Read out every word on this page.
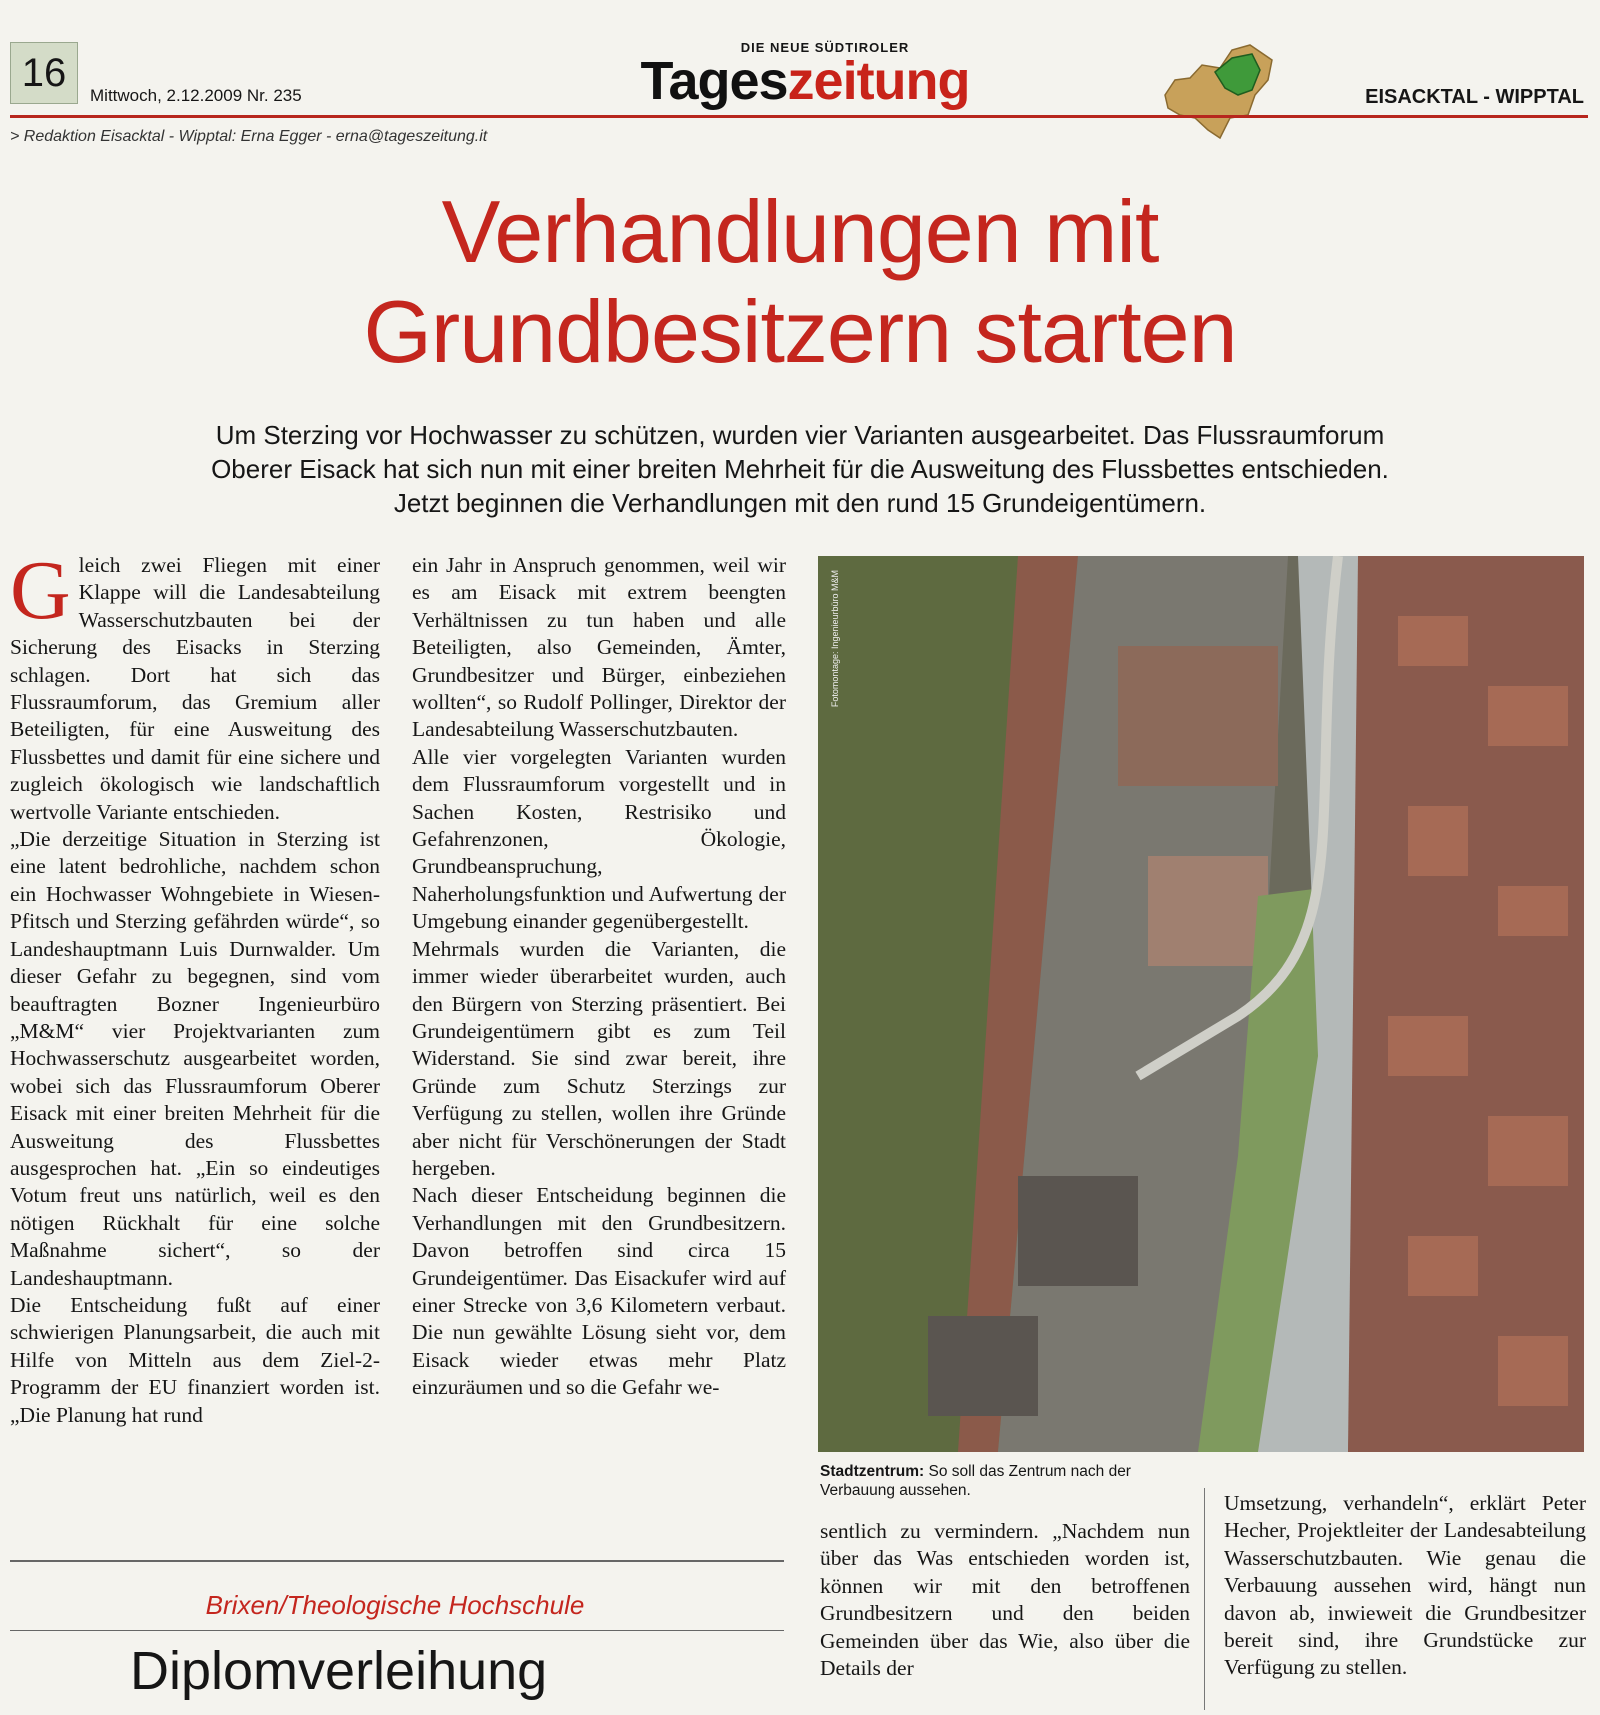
16
Mittwoch, 2.12.2009 Nr. 235
DIE NEUE SÜDTIROLER
Tageszeitung	EISACKTAL - WIPPTAL
> Redaktion Eisacktal - Wipptal: Erna Egger - erna@tageszeitung.it
Verhandlungen mit
Grundbesitzern starten
Um Sterzing vor Hochwasser zu schützen, wurden vier Varianten ausgearbeitet. Das Flussraumforum
Oberer Eisack hat sich nun mit einer breiten Mehrheit für die Ausweitung des Flussbettes entschieden.
Jetzt beginnen die Verhandlungen mit den rund 15 Grundeigentümern.
G leich zwei Fliegen mit einer Klappe will die Landesabteilung Wasserschutzbauten bei der Sicherung des Eisacks in Sterzing schlagen. Dort hat sich das Flussraumforum, das Gremium aller Beteiligten, für eine Ausweitung des Flussbettes und damit für eine sichere und zugleich ökologisch wie landschaftlich wertvolle Variante entschieden.

„Die derzeitige Situation in Sterzing ist eine latent bedrohliche, nachdem schon ein Hochwasser Wohngebiete in Wiesen-Pfitsch und Sterzing gefährden würde“, so Landeshauptmann Luis Durnwalder. Um dieser Gefahr zu begegnen, sind vom beauftragten Bozner Ingenieurbüro „M&M“ vier Projektvarianten zum Hochwasserschutz ausgearbeitet worden, wobei sich das Flussraumforum Oberer Eisack mit einer breiten Mehrheit für die Ausweitung des Flussbettes ausgesprochen hat. „Ein so eindeutiges Votum freut uns natürlich, weil es den nötigen Rückhalt für eine solche Maßnahme sichert“, so der Landeshauptmann.

Die Entscheidung fußt auf einer schwierigen Planungsarbeit, die auch mit Hilfe von Mitteln aus dem Ziel-2-Programm der EU finanziert worden ist. „Die Planung hat rund

ein Jahr in Anspruch genommen, weil wir es am Eisack mit extrem beengten Verhältnissen zu tun haben und alle Beteiligten, also Gemeinden, Ämter, Grundbesitzer und Bürger, einbeziehen wollten“, so Rudolf Pollinger, Direktor der Landesabteilung Wasserschutzbauten.

Alle vier vorgelegten Varianten wurden dem Flussraumforum vorgestellt und in Sachen Kosten, Restrisiko und Gefahrenzonen, Ökologie, Grundbeanspruchung, Naherholungsfunktion und Aufwertung der Umgebung einander gegenübergestellt.

Mehrmals wurden die Varianten, die immer wieder überarbeitet wurden, auch den Bürgern von Sterzing präsentiert. Bei Grundeigentümern gibt es zum Teil Widerstand. Sie sind zwar bereit, ihre Gründe zum Schutz Sterzings zur Verfügung zu stellen, wollen ihre Gründe aber nicht für Verschönerungen der Stadt hergeben.

Nach dieser Entscheidung beginnen die Verhandlungen mit den Grundbesitzern. Davon betroffen sind circa 15 Grundeigentümer. Das Eisackufer wird auf einer Strecke von 3,6 Kilometern verbaut. Die nun gewählte Lösung sieht vor, dem Eisack wieder etwas mehr Platz einzuräumen und so die Gefahr we-

Fotomontage: Ingenieurbüro M&M
Stadtzentrum: So soll das Zentrum nach der Verbauung aussehen.

sentlich zu vermindern. „Nachdem nun über das Was entschieden worden ist, können wir mit den betroffenen Grundbesitzern und den beiden Gemeinden über das Wie, also über die Details der

Umsetzung, verhandeln“, erklärt Peter Hecher, Projektleiter der Landesabteilung Wasserschutzbauten. Wie genau die Verbauung aussehen wird, hängt nun davon ab, inwieweit die Grundbesitzer bereit sind, ihre Grundstücke zur Verfügung zu stellen.

Brixen/Theologische Hochschule
Diplomverleihung
